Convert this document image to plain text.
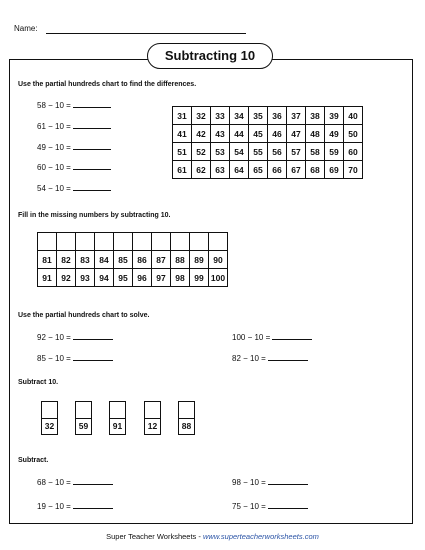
Name:
Subtracting 10
Use the partial hundreds chart to find the differences.
58 − 10 =
61 − 10 =
49 − 10 =
60 − 10 =
54 − 10 =
31	32	33	34	35	36	37	38	39	40
41	42	43	44	45	46	47	48	49	50
51	52	53	54	55	56	57	58	59	60
61	62	63	64	65	66	67	68	69	70
Fill in the missing numbers by subtracting 10.

81	82	83	84	85	86	87	88	89	90
91	92	93	94	95	96	97	98	99	100
Use the partial hundreds chart to solve.
92 − 10 =
85 − 10 =
100 − 10 =
82 − 10 =
Subtract 10.
32	59	91	12	88
Subtract.
68 − 10 =
19 − 10 =
98 − 10 =
75 − 10 =
Super Teacher Worksheets - www.superteacherworksheets.com
